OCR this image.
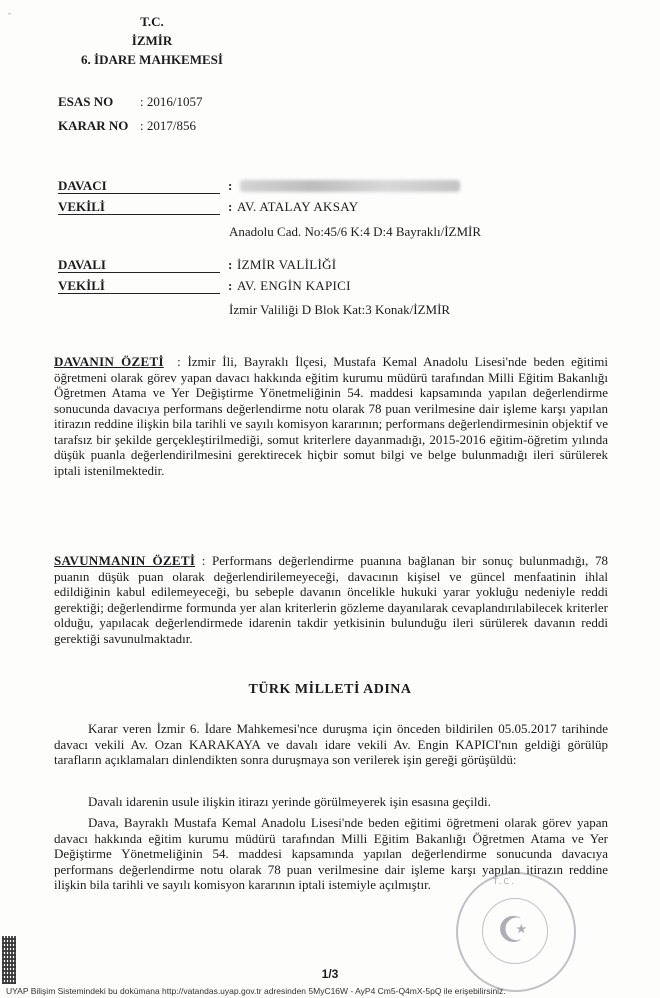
-
T.C.
İZMİR
6. İDARE MAHKEMESİ
ESAS NO : 2016/1057
KARAR NO : 2017/856
DAVACI	:
VEKİLİ	: AV. ATALAY AKSAY
Anadolu Cad. No:45/6 K:4 D:4 Bayraklı/İZMİR
DAVALI	: İZMİR VALİLİĞİ
VEKİLİ	: AV. ENGİN KAPICI
İzmir Valiliği D Blok Kat:3 Konak/İZMİR

DAVANIN ÖZETİ : İzmir İli, Bayraklı İlçesi, Mustafa Kemal Anadolu Lisesi'nde beden eğitimi öğretmeni olarak görev yapan davacı hakkında eğitim kurumu müdürü tarafından Milli Eğitim Bakanlığı Öğretmen Atama ve Yer Değiştirme Yönetmeliğinin 54. maddesi kapsamında yapılan değerlendirme sonucunda davacıya performans değerlendirme notu olarak 78 puan verilmesine dair işleme karşı yapılan itirazın reddine ilişkin bila tarihli ve sayılı komisyon kararının; performans değerlendirmesinin objektif ve tarafsız bir şekilde gerçekleştirilmediği, somut kriterlere dayanmadığı, 2015-2016 eğitim-öğretim yılında düşük puanla değerlendirilmesini gerektirecek hiçbir somut bilgi ve belge bulunmadığı ileri sürülerek iptali istenilmektedir.

SAVUNMANIN ÖZETİ : Performans değerlendirme puanına bağlanan bir sonuç bulunmadığı, 78 puanın düşük puan olarak değerlendirilemeyeceği, davacının kişisel ve güncel menfaatinin ihlal edildiğinin kabul edilemeyeceği, bu sebeple davanın öncelikle hukuki yarar yokluğu nedeniyle reddi gerektiği; değerlendirme formunda yer alan kriterlerin gözleme dayanılarak cevaplandırılabilecek kriterler olduğu, yapılacak değerlendirmede idarenin takdir yetkisinin bulunduğu ileri sürülerek davanın reddi gerektiği savunulmaktadır.

TÜRK MİLLETİ ADINA

Karar veren İzmir 6. İdare Mahkemesi'nce duruşma için önceden bildirilen 05.05.2017 tarihinde davacı vekili Av. Ozan KARAKAYA ve davalı idare vekili Av. Engin KAPICI'nın geldiği görülüp tarafların açıklamaları dinlendikten sonra duruşmaya son verilerek işin gereği görüşüldü:

Davalı idarenin usule ilişkin itirazı yerinde görülmeyerek işin esasına geçildi.

Dava, Bayraklı Mustafa Kemal Anadolu Lisesi'nde beden eğitimi öğretmeni olarak görev yapan davacı hakkında eğitim kurumu müdürü tarafından Milli Eğitim Bakanlığı Öğretmen Atama ve Yer Değiştirme Yönetmeliğinin 54. maddesi kapsamında yapılan değerlendirme sonucunda davacıya performans değerlendirme notu olarak 78 puan verilmesine dair işleme karşı yapılan itirazın reddine ilişkin bila tarihli ve sayılı komisyon kararının iptali istemiyle açılmıştır.	T.C.
☪
1/3
UYAP Bilişim Sistemindeki bu dokümana http://vatandas.uyap.gov.tr adresinden 5MyC16W - AyP4 Cm5-Q4mX-5pQ ile erişebilirsiniz.
